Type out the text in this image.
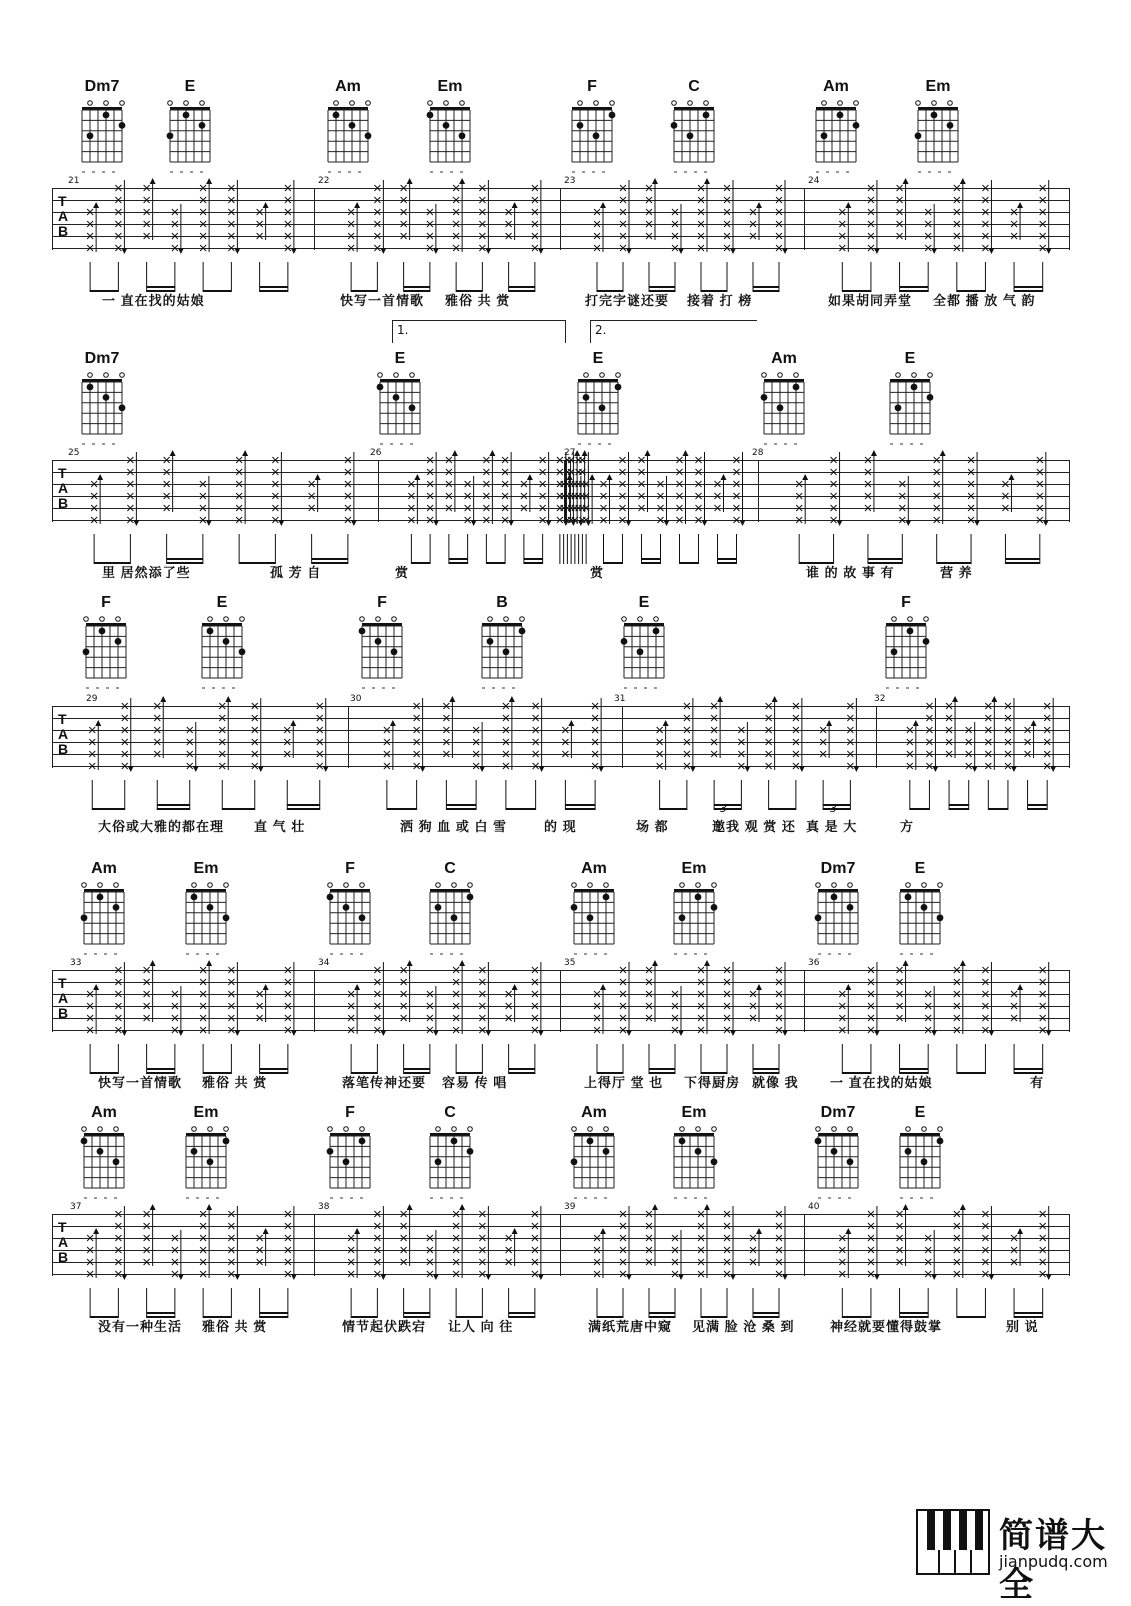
Dm7	E	Am	Em	F	C	Am	Em
T
A
B
21	22	23	24
一 直在找的姑娘	快写一首情歌 雅俗 共 赏	打完字谜还要 接着 打 榜	如果胡同弄堂 全都 播 放 气 韵
1.	2.
Dm7	E	E	Am	E
T
A
B
25	26	27	28
里 居然添了些	孤 芳 自	赏	赏	谁 的 故 事 有	营 养
F	E	F	B	E	F
T
A
B
29	30	31	32
3	3
大俗或大雅的都在理 直 气 壮	洒 狗 血 或 白 雪	的 现	场 都	邀我 观 赏 还 真 是 大	方
Am	Em	F	C	Am	Em	Dm7	E
T
A
B
33	34	35	36
快写一首情歌 雅俗 共 赏	落笔传神还要 容易 传 唱	上得厅 堂 也 下得厨房 就像 我 一 直在找的姑娘	有
Am	Em	F	C	Am	Em	Dm7	E
T
A
B
37	38	39	40
没有一种生活 雅俗 共 赏	情节起伏跌宕 让人 向 往	满纸荒唐中窥 见满 脸 沧 桑 到	神经就要懂得鼓掌	别 说
简谱大全
jianpudq.com
